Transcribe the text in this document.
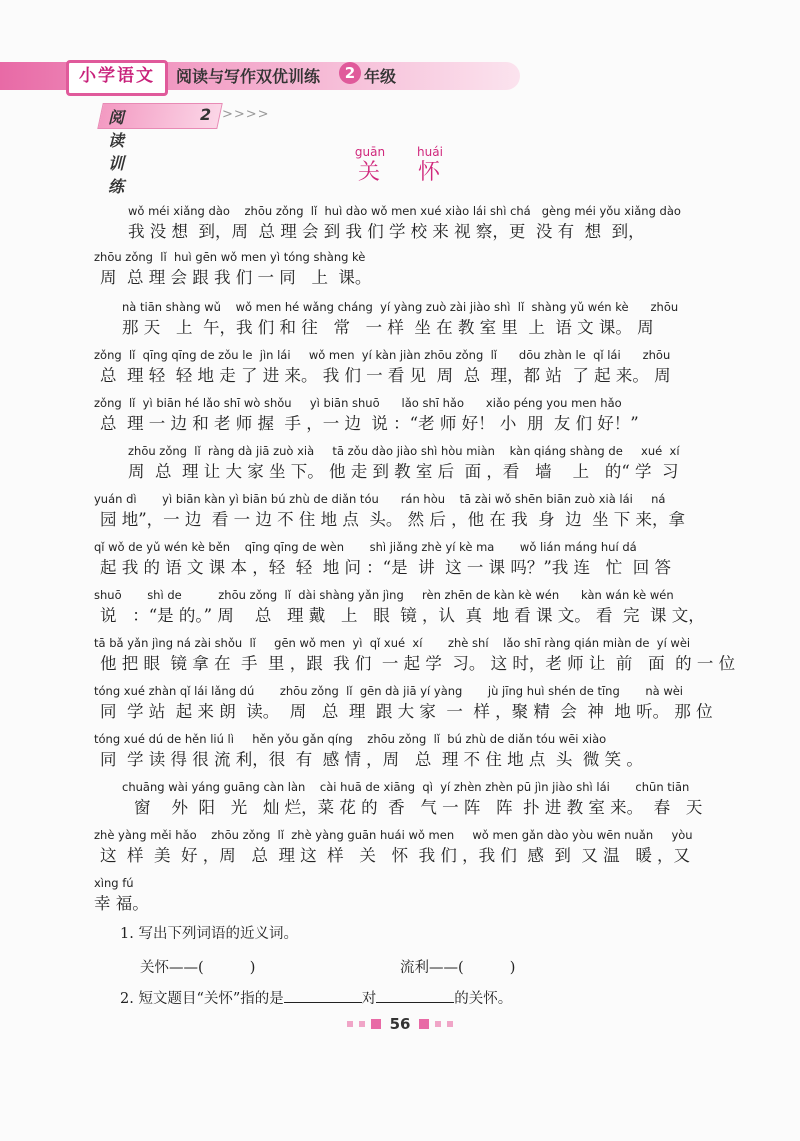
小学语文	阅读与写作双优训练	2 年级
阅读训练
2 >>>>
guān	huái
关 怀
wǒ méi xiǎng dào    zhōu zǒng  lǐ  huì dào wǒ men xué xiào lái shì chá   gèng méi yǒu xiǎng dào
我 没 想  到，周  总 理 会 到 我 们 学 校 来 视 察，更  没 有  想  到，
zhōu zǒng  lǐ  huì gēn wǒ men yì tóng shàng kè
周  总 理 会 跟 我 们 一 同   上  课。
nà tiān shàng wǔ    wǒ men hé wǎng cháng  yí yàng zuò zài jiào shì  lǐ  shàng yǔ wén kè      zhōu
那 天   上  午，我 们 和 往   常   一 样  坐 在 教 室 里  上  语 文 课。 周
zǒng  lǐ  qīng qīng de zǒu le  jìn lái     wǒ men  yí kàn jiàn zhōu zǒng  lǐ      dōu zhàn le  qǐ lái      zhōu
总  理 轻  轻 地 走 了 进 来。 我 们 一 看 见  周  总  理，都 站  了 起 来。 周
zǒng  lǐ  yì biān hé lǎo shī wò shǒu     yì biān shuō      lǎo shī hǎo      xiǎo péng you men hǎo
总  理 一 边 和 老 师 握  手 ，一 边  说 ：“老 师 好！ 小  朋  友 们 好！”
zhōu zǒng  lǐ  ràng dà jiā zuò xià     tā zǒu dào jiào shì hòu miàn    kàn qiáng shàng de     xué  xí
周  总  理 让 大 家 坐 下。 他 走 到 教 室 后  面 ，看   墙    上   的“ 学  习
yuán dì       yì biān kàn yì biān bú zhù de diǎn tóu      rán hòu    tā zài wǒ shēn biān zuò xià lái     ná
园 地”，一 边  看 一 边 不 住 地 点  头。 然 后 ，他 在 我  身  边  坐 下 来，拿
qǐ wǒ de yǔ wén kè běn    qīng qīng de wèn       shì jiǎng zhè yí kè ma       wǒ lián máng huí dá
起 我 的 语 文 课 本 ，轻  轻  地 问 ：“是  讲  这 一 课 吗？”我 连   忙  回 答
shuō       shì de          zhōu zǒng  lǐ  dài shàng yǎn jìng     rèn zhēn de kàn kè wén      kàn wán kè wén
说   ：“是 的。” 周    总   理 戴   上   眼  镜 ，认  真  地 看 课 文。 看  完  课 文，
tā bǎ yǎn jìng ná zài shǒu  lǐ     gēn wǒ men  yì  qǐ xué  xí       zhè shí    lǎo shī ràng qián miàn de  yí wèi
他 把 眼  镜 拿 在  手  里 ，跟  我 们  一 起 学  习。 这 时，老 师 让  前   面  的 一 位
tóng xué zhàn qǐ lái lǎng dú       zhōu zǒng  lǐ  gēn dà jiā yí yàng       jù jīng huì shén de tīng       nà wèi
同  学 站  起 来 朗  读。  周   总  理  跟 大 家  一  样 ，聚 精  会  神  地 听。 那 位
tóng xué dú de hěn liú lì     hěn yǒu gǎn qíng    zhōu zǒng  lǐ  bú zhù de diǎn tóu wēi xiào
同  学 读 得 很 流 利，很  有  感 情 ，周   总  理 不 住 地 点  头  微 笑 。
chuāng wài yáng guāng càn làn    cài huā de xiāng  qì  yí zhèn zhèn pū jìn jiào shì lái       chūn tiān
窗    外  阳   光   灿 烂，菜 花 的  香   气 一 阵   阵  扑 进 教 室 来。  春   天
zhè yàng měi hǎo    zhōu zǒng  lǐ  zhè yàng guān huái wǒ men     wǒ men gǎn dào yòu wēn nuǎn     yòu
这  样  美  好 ，周   总  理 这  样   关   怀  我 们 ，我 们  感  到  又 温   暖 ，又
xìng fú
幸 福。
1. 写出下列词语的近义词。
关怀——(          )	流利——(          )
2. 短文题目“关怀”指的是	对	的关怀。
56
